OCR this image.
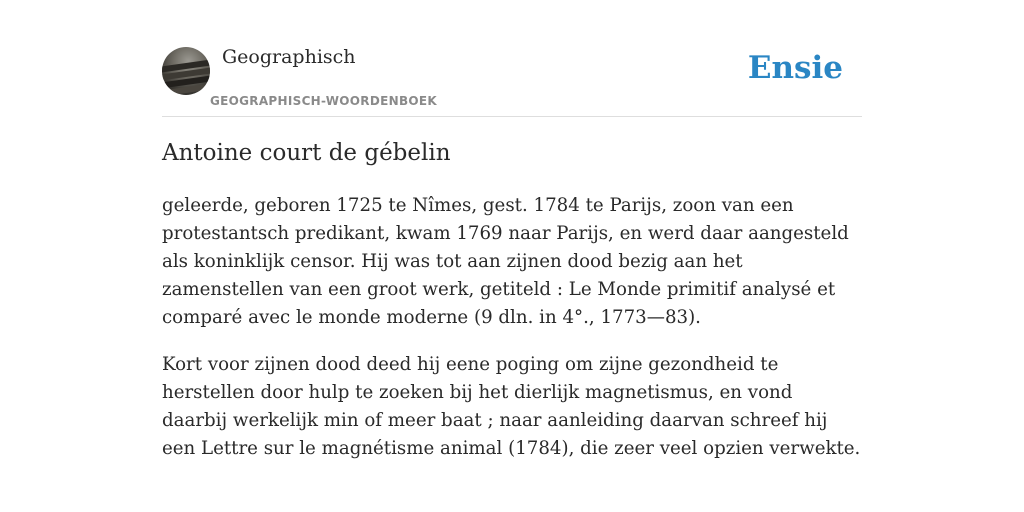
Geographisch
GEOGRAPHISCH-WOORDENBOEK
Ensie
Antoine court de gébelin

geleerde, geboren 1725 te Nîmes, gest. 1784 te Parijs, zoon van een protestantsch predikant, kwam 1769 naar Parijs, en werd daar aangesteld als koninklijk censor. Hij was tot aan zijnen dood bezig aan het zamenstellen van een groot werk, getiteld : Le Monde primitif analysé et comparé avec le monde moderne (9 dln. in 4°., 1773—83).

Kort voor zijnen dood deed hij eene poging om zijne gezondheid te herstellen door hulp te zoeken bij het dierlijk magnetismus, en vond daarbij werkelijk min of meer baat ; naar aanleiding daarvan schreef hij een Lettre sur le magnétisme animal (1784), die zeer veel opzien verwekte.
